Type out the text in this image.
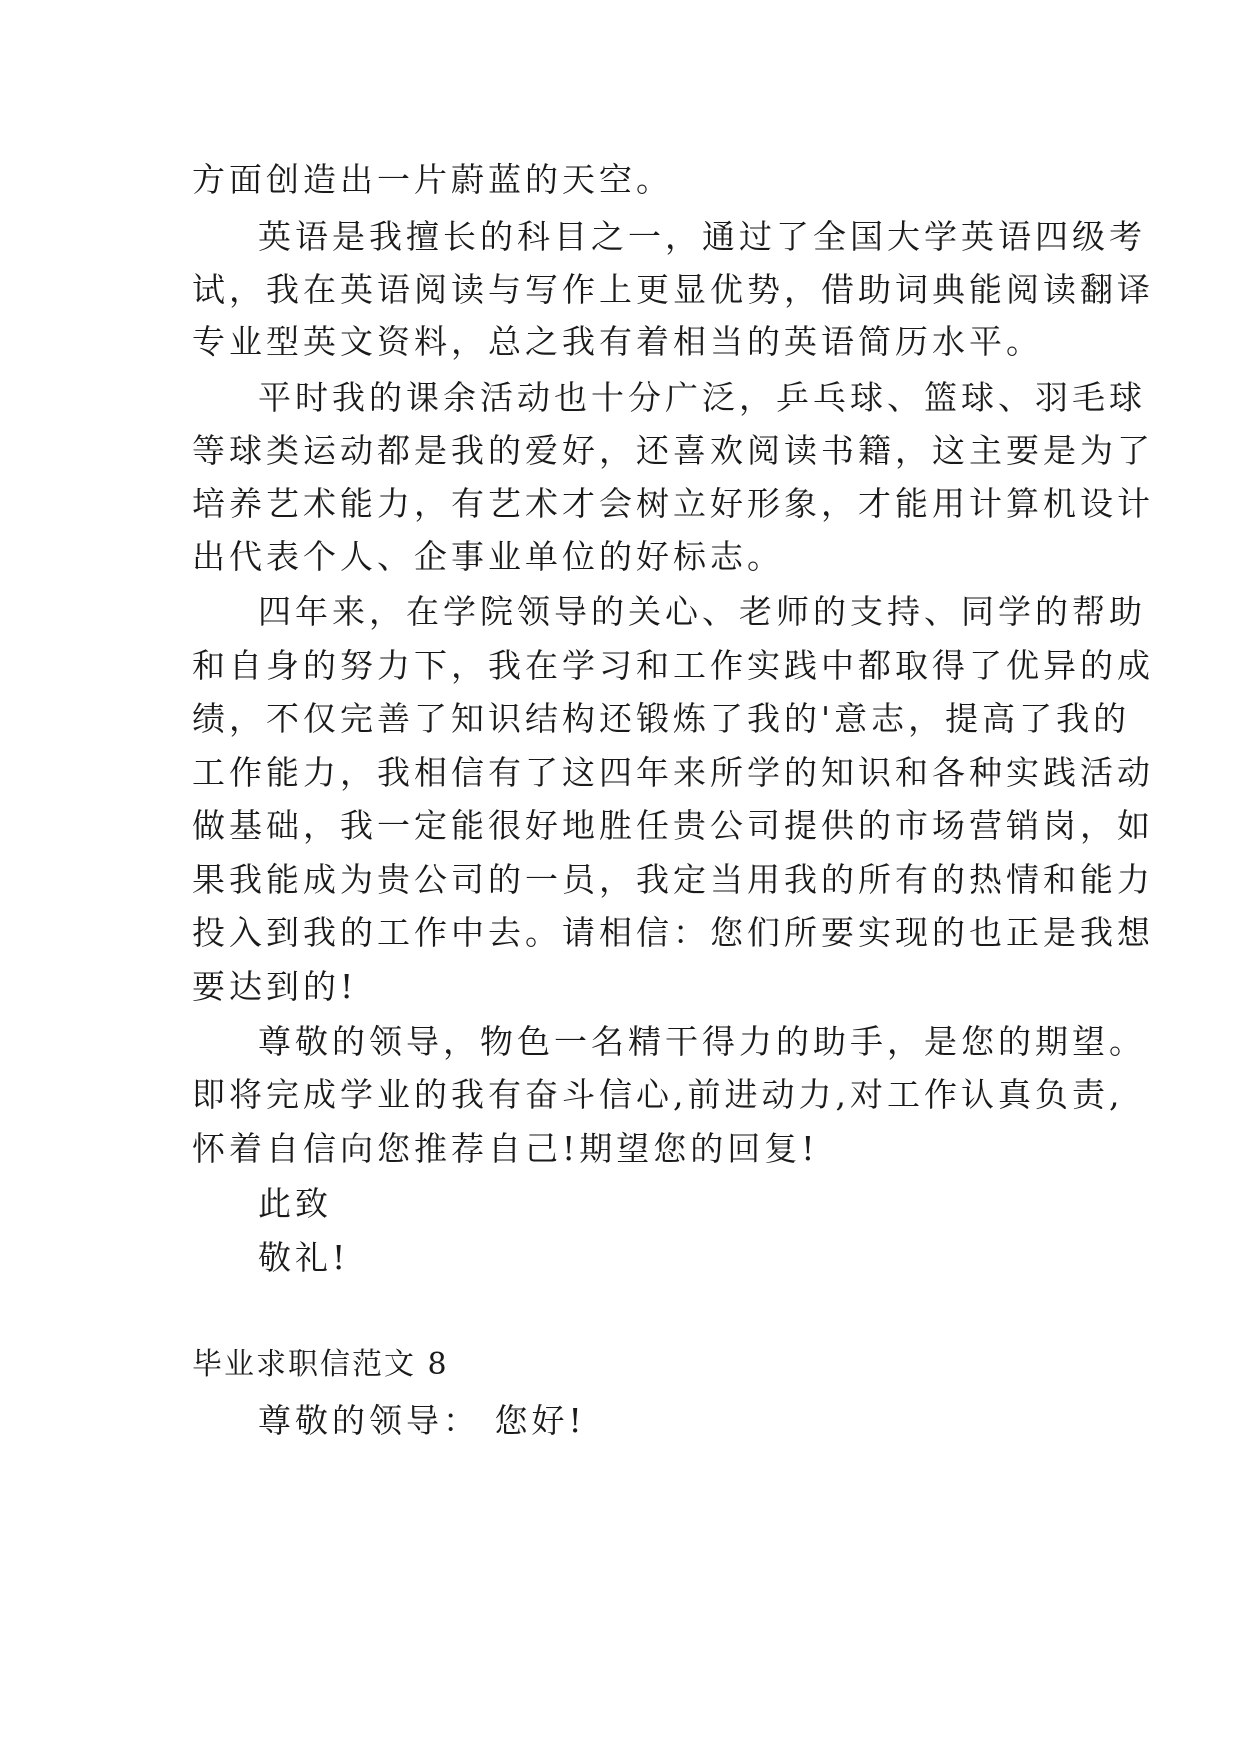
方面创造出一片蔚蓝的天空。
英语是我擅长的科目之一，通过了全国大学英语四级考
试，我在英语阅读与写作上更显优势，借助词典能阅读翻译
专业型英文资料，总之我有着相当的英语简历水平。
平时我的课余活动也十分广泛，乒乓球、篮球、羽毛球
等球类运动都是我的爱好，还喜欢阅读书籍，这主要是为了
培养艺术能力，有艺术才会树立好形象，才能用计算机设计
出代表个人、企事业单位的好标志。
四年来，在学院领导的关心、老师的支持、同学的帮助
和自身的努力下，我在学习和工作实践中都取得了优异的成
绩，不仅完善了知识结构还锻炼了我的'意志，提高了我的
工作能力，我相信有了这四年来所学的知识和各种实践活动
做基础，我一定能很好地胜任贵公司提供的市场营销岗，如
果我能成为贵公司的一员，我定当用我的所有的热情和能力
投入到我的工作中去。请相信：您们所要实现的也正是我想
要达到的!
尊敬的领导，物色一名精干得力的助手，是您的期望。
即将完成学业的我有奋斗信心,前进动力,对工作认真负责,
怀着自信向您推荐自己!期望您的回复!
此致
敬礼!
毕业求职信范文 8
尊敬的领导： 您好!
